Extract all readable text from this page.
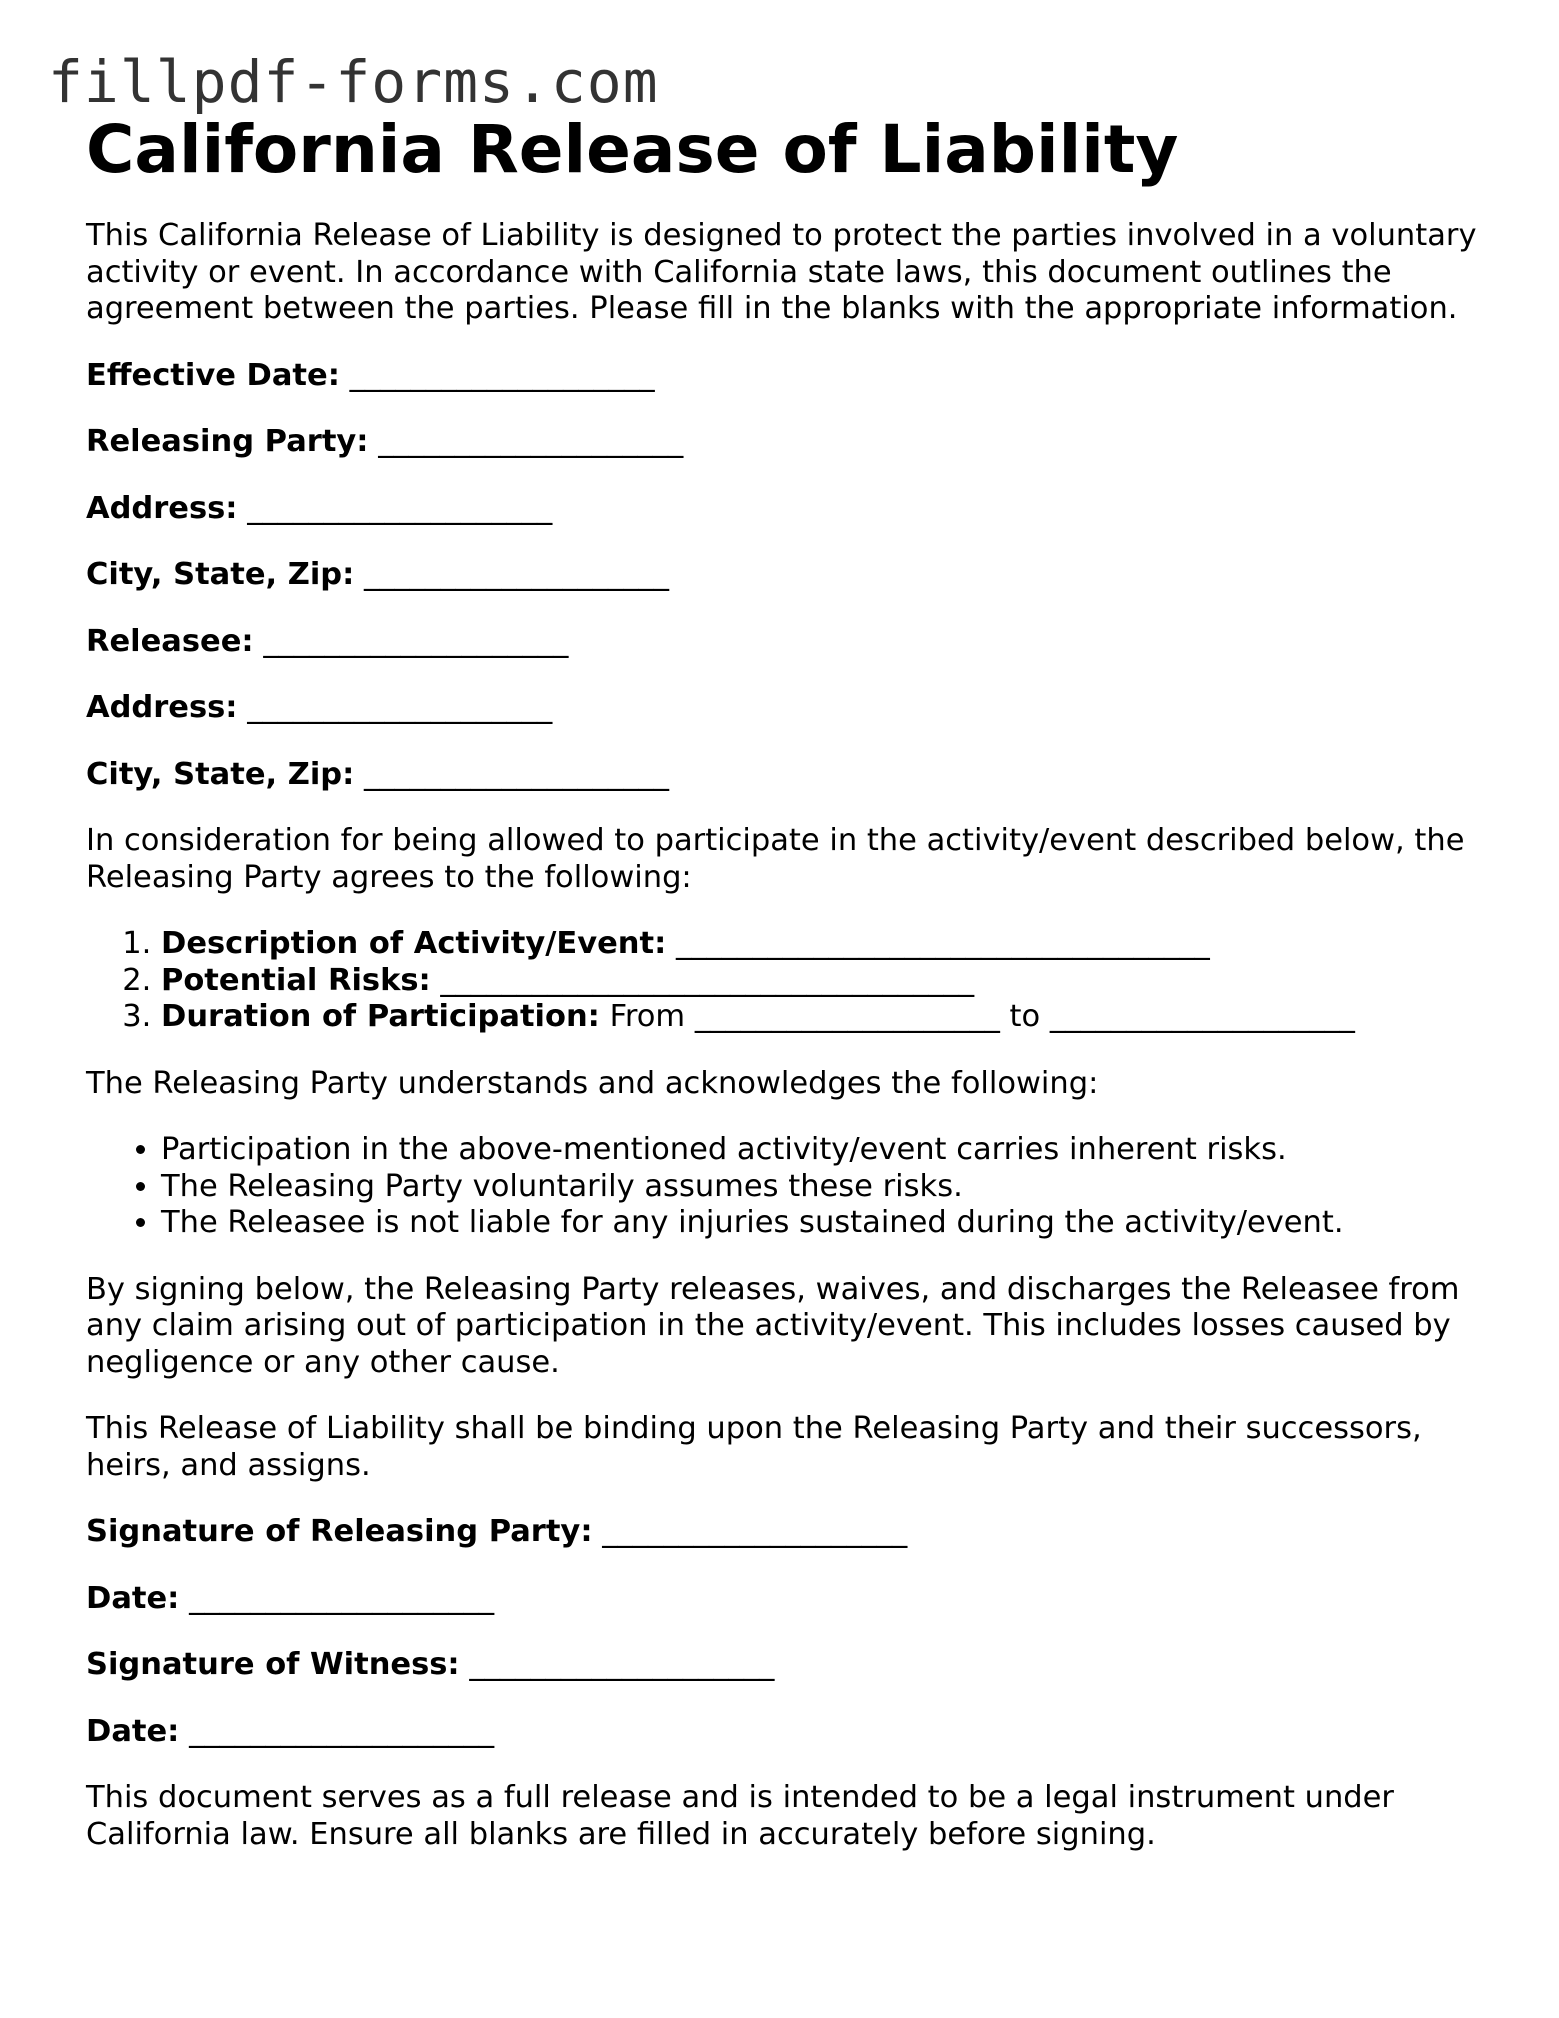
fillpdf-forms.com
California Release of Liability

This California Release of Liability is designed to protect the parties involved in a voluntary activity or event. In accordance with California state laws, this document outlines the agreement between the parties. Please fill in the blanks with the appropriate information.

Effective Date: ____________________
Releasing Party: ____________________
Address: ____________________
City, State, Zip: ____________________
Releasee: ____________________
Address: ____________________
City, State, Zip: ____________________

In consideration for being allowed to participate in the activity/event described below, the Releasing Party agrees to the following:

1. Description of Activity/Event: ___________________________________
2. Potential Risks: ___________________________________
3. Duration of Participation: From ____________________ to ____________________

The Releasing Party understands and acknowledges the following:

• Participation in the above-mentioned activity/event carries inherent risks.
• The Releasing Party voluntarily assumes these risks.
• The Releasee is not liable for any injuries sustained during the activity/event.

By signing below, the Releasing Party releases, waives, and discharges the Releasee from any claim arising out of participation in the activity/event. This includes losses caused by negligence or any other cause.

This Release of Liability shall be binding upon the Releasing Party and their successors, heirs, and assigns.

Signature of Releasing Party: ____________________
Date: ____________________
Signature of Witness: ____________________
Date: ____________________

This document serves as a full release and is intended to be a legal instrument under California law. Ensure all blanks are filled in accurately before signing.
